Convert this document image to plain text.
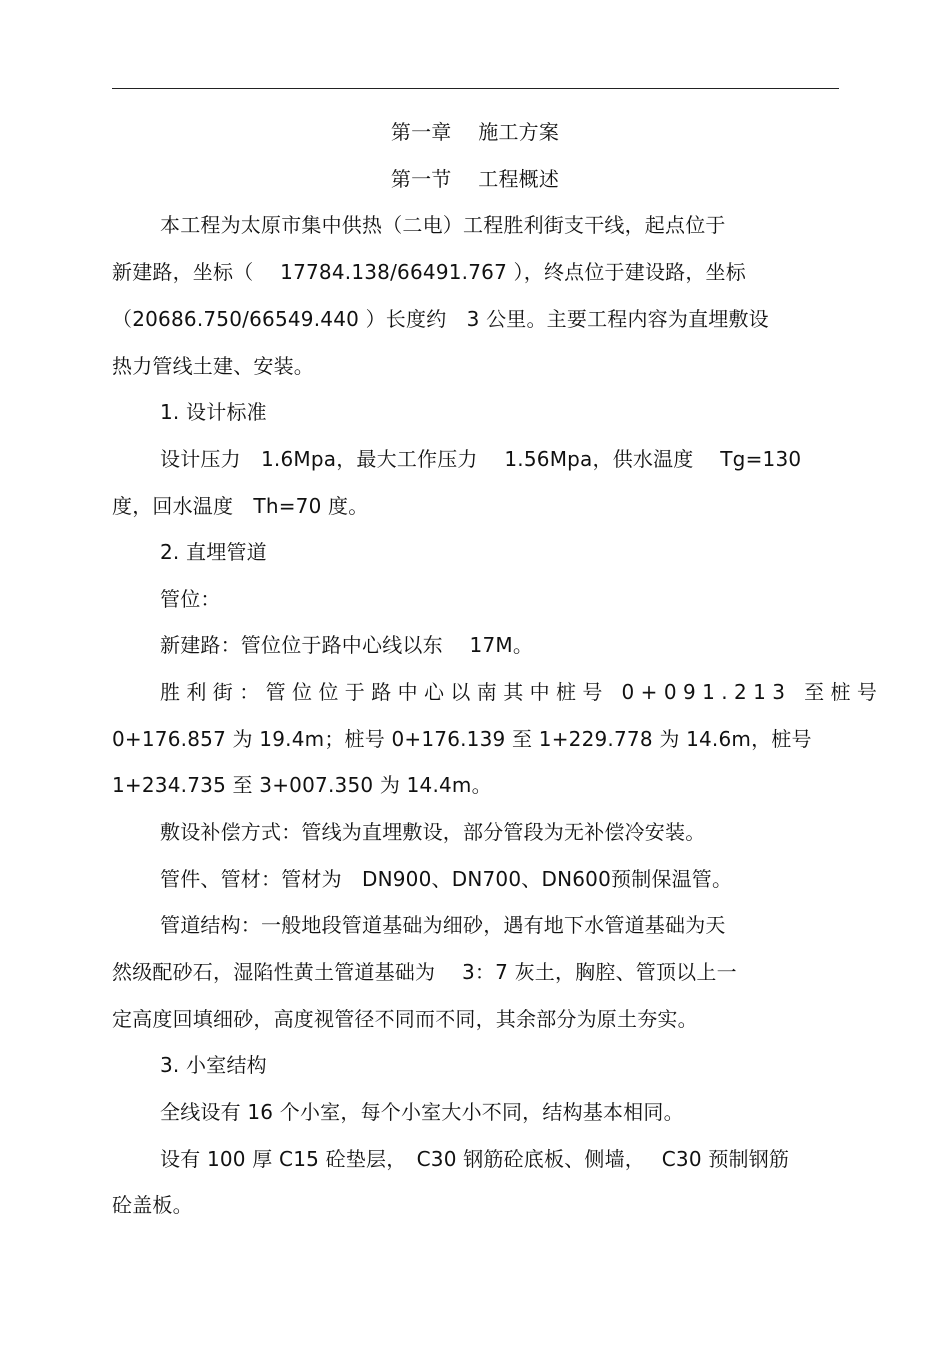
第一章　 施工方案
第一节　 工程概述
本工程为太原市集中供热（二电）工程胜利街支干线，起点位于
新建路，坐标（　 17784.138/66491.767 ），终点位于建设路，坐标
（20686.750/66549.440 ）长度约　3 公里。主要工程内容为直埋敷设
热力管线土建、安装。
1. 设计标准
设计压力　1.6Mpa，最大工作压力　 1.56Mpa，供水温度　 Tg=130
度，回水温度　Th=70 度。
2. 直埋管道
管位：
新建路：管位位于路中心线以东　 17M。
胜利街：管位位于路中心以南其中桩号 0+091.213 至桩号
0+176.857 为 19.4m；桩号 0+176.139 至 1+229.778 为 14.6m，桩号
1+234.735 至 3+007.350 为 14.4m。
敷设补偿方式：管线为直埋敷设，部分管段为无补偿冷安装。
管件、管材：管材为　DN900、DN700、DN600预制保温管。
管道结构：一般地段管道基础为细砂，遇有地下水管道基础为天
然级配砂石，湿陷性黄土管道基础为　 3：7 灰土，胸腔、管顶以上一
定高度回填细砂，高度视管径不同而不同，其余部分为原土夯实。
3. 小室结构
全线设有 16 个小室，每个小室大小不同，结构基本相同。
设有 100 厚 C15 砼垫层，　C30 钢筋砼底板、侧墙，　 C30 预制钢筋
砼盖板。
